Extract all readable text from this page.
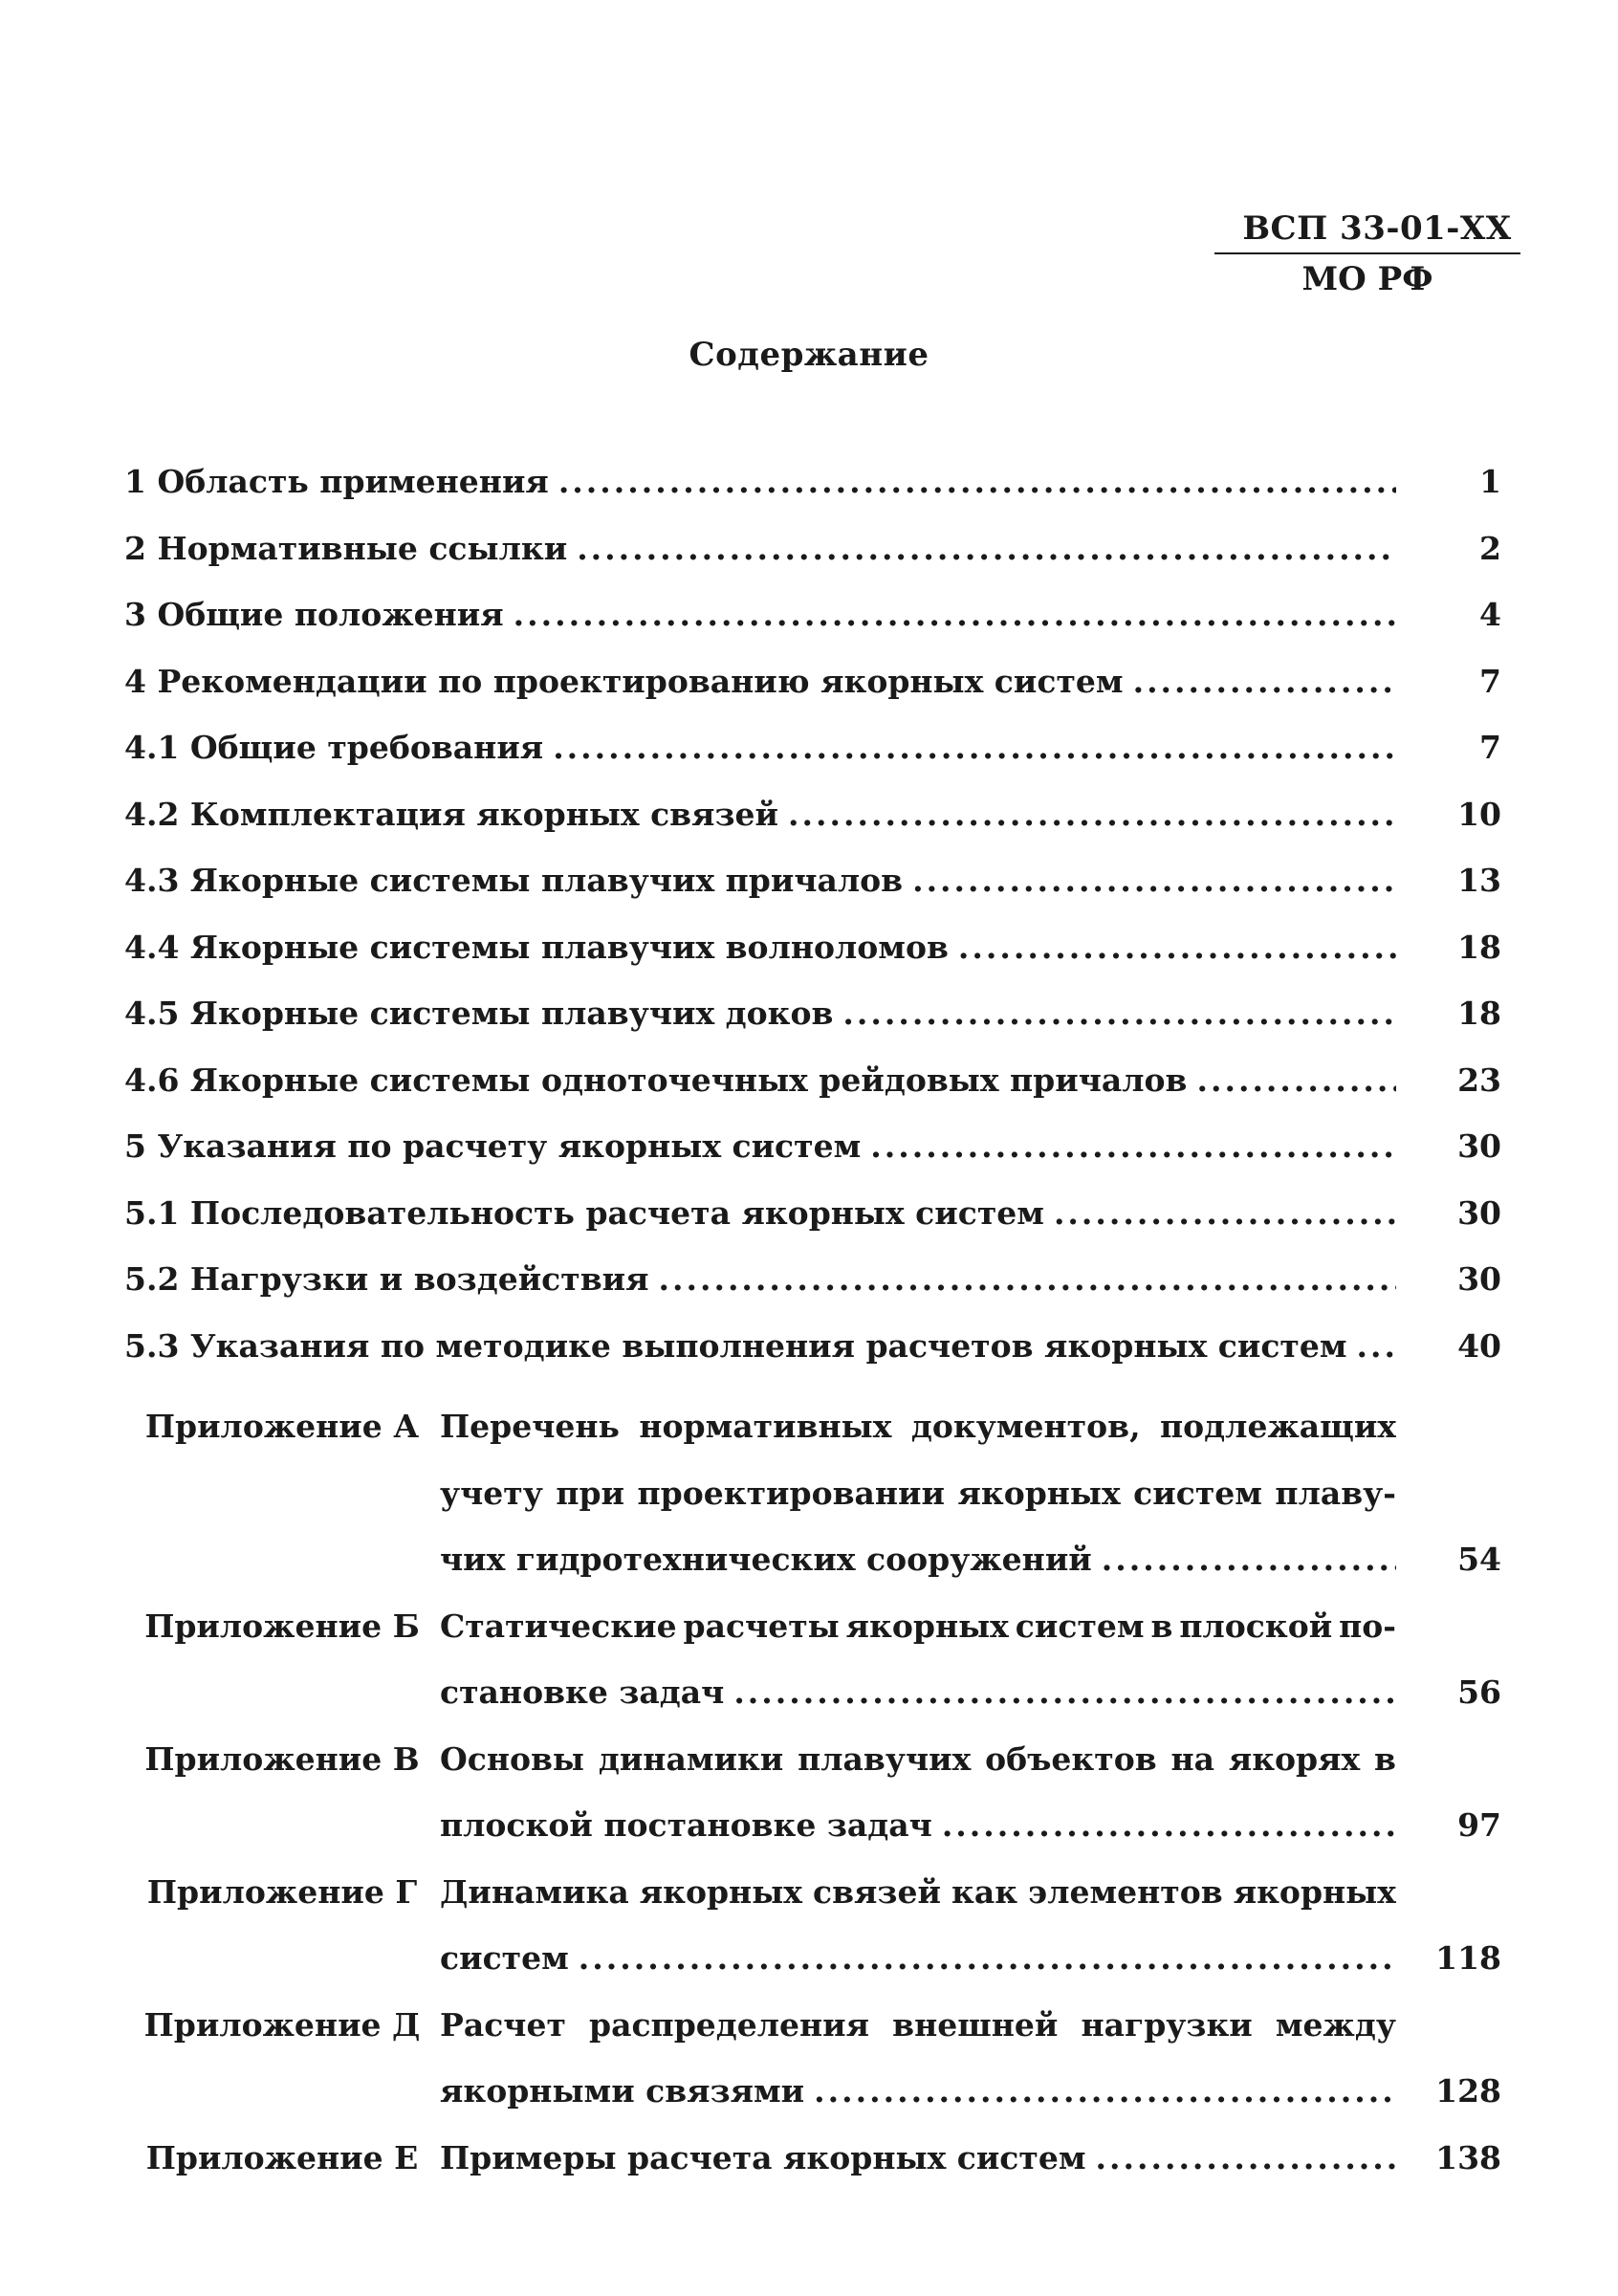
ВСП 33-01-XX
МО РФ
Содержание
1 Область применения .....	1
2 Нормативные ссылки .....	2
3 Общие положения .....	4
4 Рекомендации по проектированию якорных систем .....	7
4.1 Общие требования .....	7
4.2 Комплектация якорных связей .....	10
4.3 Якорные системы плавучих причалов .....	13
4.4 Якорные системы плавучих волноломов .....	18
4.5 Якорные системы плавучих доков .....	18
4.6 Якорные системы одноточечных рейдовых причалов .....	23
5 Указания по расчету якорных систем .....	30
5.1 Последовательность расчета якорных систем .....	30
5.2 Нагрузки и воздействия .....	30
5.3 Указания по методике выполнения расчетов якорных систем .....	40
Приложение А Перечень нормативных документов, подлежащих
учету при проектировании якорных систем плаву-
чих гидротехнических сооружений .....	54
Приложение Б Статические расчеты якорных систем в плоской по-
становке задач .....	56
Приложение В Основы динамики плавучих объектов на якорях в
плоской постановке задач .....	97
Приложение Г Динамика якорных связей как элементов якорных
систем .....	118
Приложение Д Расчет распределения внешней нагрузки между
якорными связями .....	128
Приложение Е Примеры расчета якорных систем .....	138
